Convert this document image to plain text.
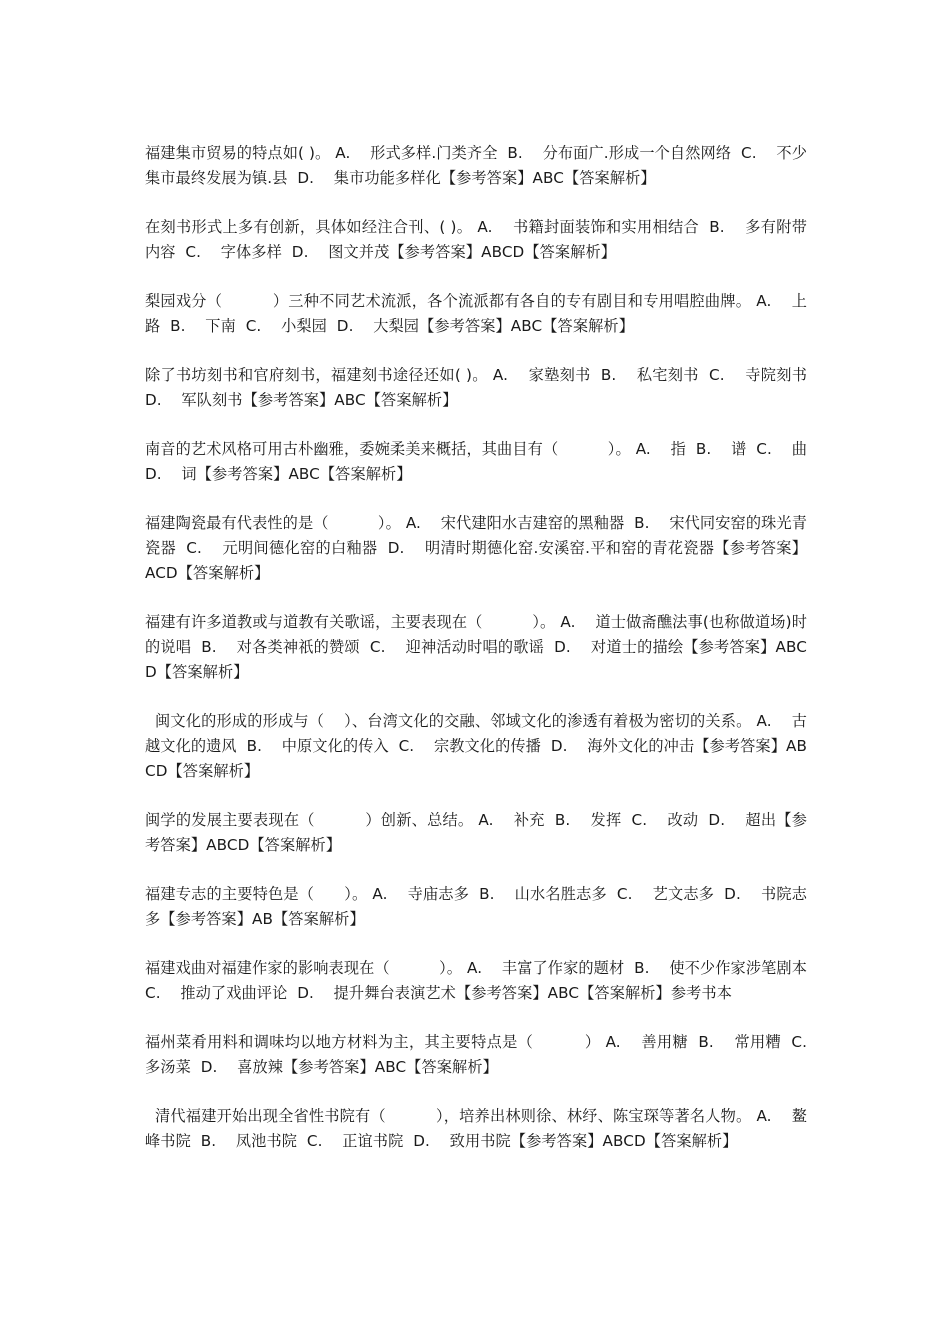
福建集市贸易的特点如( )。 A.    形式多样.门类齐全  B.    分布面广.形成一个自然网络  C.    不少集市最终发展为镇.县  D.    集市功能多样化【参考答案】ABC【答案解析】

在刻书形式上多有创新，具体如经注合刊、( )。 A.    书籍封面装饰和实用相结合  B.    多有附带内容  C.    字体多样  D.    图文并茂【参考答案】ABCD【答案解析】

梨园戏分（          ）三种不同艺术流派，各个流派都有各自的专有剧目和专用唱腔曲牌。 A.    上路  B.    下南  C.    小梨园  D.    大梨园【参考答案】ABC【答案解析】

除了书坊刻书和官府刻书，福建刻书途径还如( )。 A.    家塾刻书  B.    私宅刻书  C.    寺院刻书  D.    军队刻书【参考答案】ABC【答案解析】

南音的艺术风格可用古朴幽雅，委婉柔美来概括，其曲目有（          ）。 A.    指  B.    谱  C.    曲  D.    词【参考答案】ABC【答案解析】

福建陶瓷最有代表性的是（          ）。 A.    宋代建阳水吉建窑的黑釉器  B.    宋代同安窑的珠光青瓷器  C.    元明间德化窑的白釉器  D.    明清时期德化窑.安溪窑.平和窑的青花瓷器【参考答案】ACD【答案解析】

福建有许多道教或与道教有关歌谣，主要表现在（          ）。 A.    道士做斋醮法事(也称做道场)时的说唱  B.    对各类神祇的赞颂  C.    迎神活动时唱的歌谣  D.    对道士的描绘【参考答案】ABCD【答案解析】

闽文化的形成的形成与（    ）、台湾文化的交融、邻域文化的渗透有着极为密切的关系。 A.    古越文化的遗风  B.    中原文化的传入  C.    宗教文化的传播  D.    海外文化的冲击【参考答案】ABCD【答案解析】

闽学的发展主要表现在（          ）创新、总结。 A.    补充  B.    发挥  C.    改动  D.    超出【参考答案】ABCD【答案解析】

福建专志的主要特色是（      ）。 A.    寺庙志多  B.    山水名胜志多  C.    艺文志多  D.    书院志多【参考答案】AB【答案解析】

福建戏曲对福建作家的影响表现在（          ）。 A.    丰富了作家的题材  B.    使不少作家涉笔剧本  C.    推动了戏曲评论  D.    提升舞台表演艺术【参考答案】ABC【答案解析】参考书本

福州菜肴用料和调味均以地方材料为主，其主要特点是（          ） A.    善用糖  B.    常用糟  C.    多汤菜  D.    喜放辣【参考答案】ABC【答案解析】

清代福建开始出现全省性书院有（          ），培养出林则徐、林纾、陈宝琛等著名人物。 A.    鳌峰书院  B.    凤池书院  C.    正谊书院  D.    致用书院【参考答案】ABCD【答案解析】
